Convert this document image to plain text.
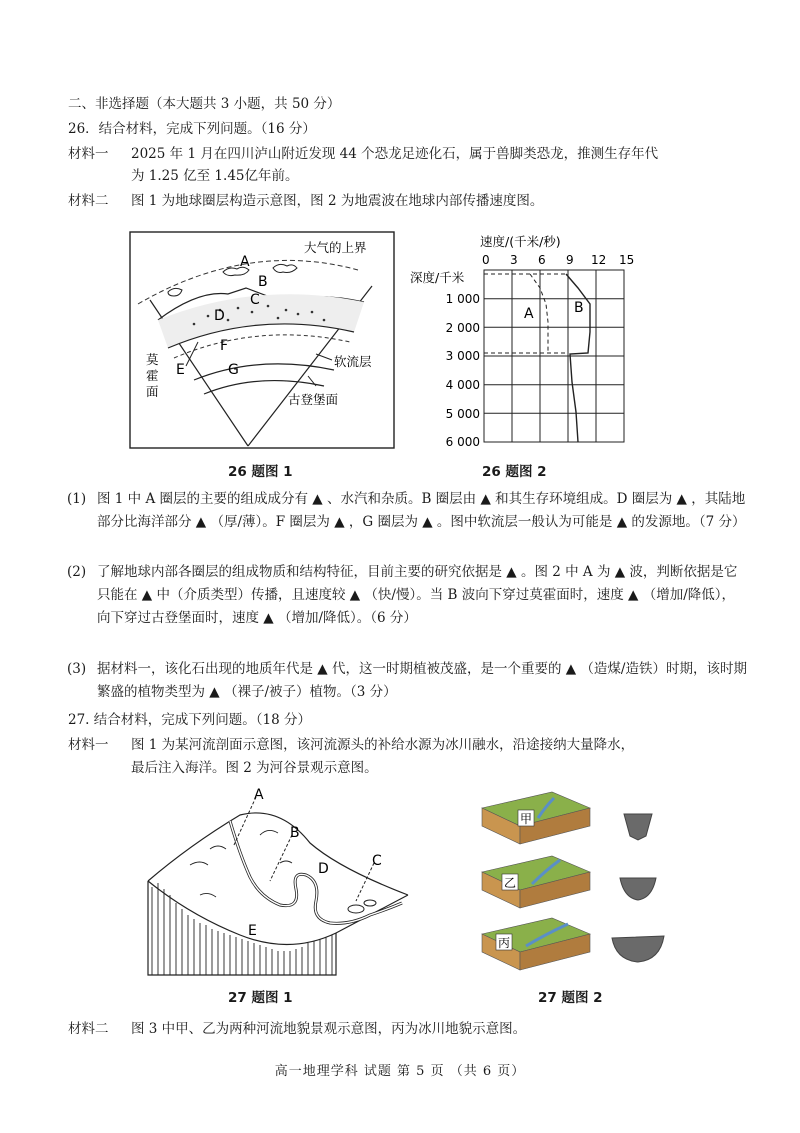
二、非选择题（本大题共 3 小题，共 50 分）
26．结合材料，完成下列问题。（16 分）
材料一 2025 年 1 月在四川泸山附近发现 44 个恐龙足迹化石，属于兽脚类恐龙，推测生存年代
为 1.25 亿至 1.45亿年前。
材料二 图 1 为地球圈层构造示意图，图 2 为地震波在地球内部传播速度图。
A
B
C
D
E
F
G
大气的上界
莫
霍
面
软流层
古登堡面
26 题图 1
速度/(千米/秒)
0 3 6 9 12 15
深度/千米
1 000
2 000
3 000
4 000
5 000
6 000
A	B
26 题图 2
(1) 图 1 中 A 圈层的主要的组成成分有 ▲ 、水汽和杂质。B 圈层由 ▲ 和其生存环境组成。D 圈层为 ▲ ，其陆地部分比海洋部分 ▲ （厚/薄）。F 圈层为 ▲ ，G 圈层为 ▲ 。图中软流层一般认为可能是 ▲ 的发源地。（7 分）
(2) 了解地球内部各圈层的组成物质和结构特征，目前主要的研究依据是 ▲ 。图 2 中 A 为 ▲ 波，判断依据是它只能在 ▲ 中（介质类型）传播，且速度较 ▲ （快/慢）。当 B 波向下穿过莫霍面时，速度 ▲ （增加/降低），向下穿过古登堡面时，速度 ▲ （增加/降低）。（6 分）
(3) 据材料一，该化石出现的地质年代是 ▲ 代，这一时期植被茂盛，是一个重要的 ▲ （造煤/造铁）时期，该时期繁盛的植物类型为 ▲ （裸子/被子）植物。（3 分）
27. 结合材料，完成下列问题。（18 分）
材料一 图 1 为某河流剖面示意图，该河流源头的补给水源为冰川融水，沿途接纳大量降水，
最后注入海洋。图 2 为河谷景观示意图。
A
B
C
D
E
27 题图 1
甲
乙
丙
27 题图 2
材料二 图 3 中甲、乙为两种河流地貌景观示意图，丙为冰川地貌示意图。
高一地理学科 试题 第 5 页 （共 6 页）
